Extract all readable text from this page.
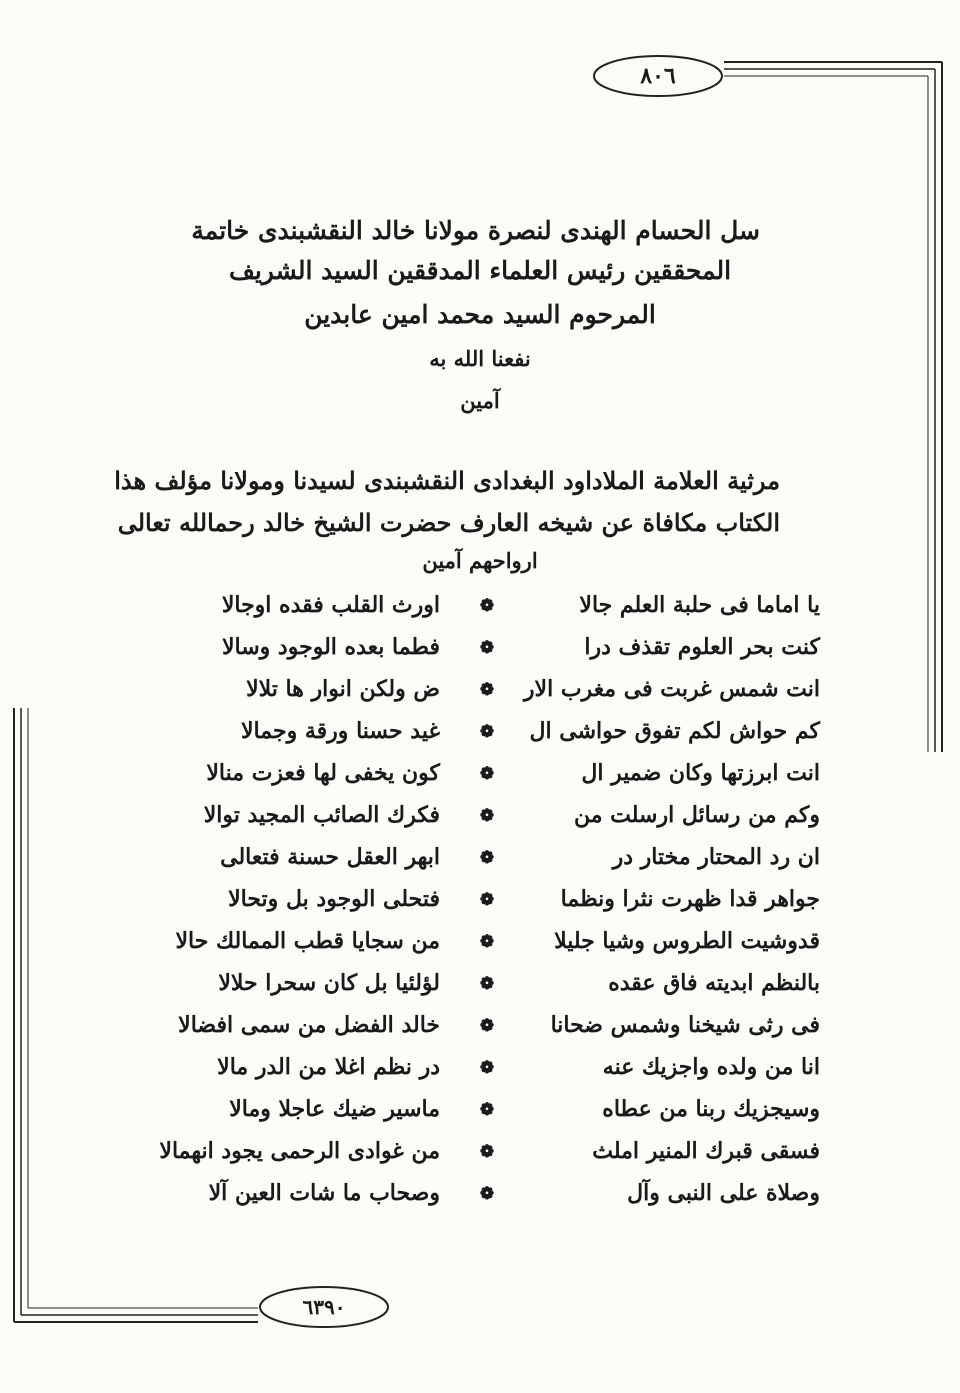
٨٠٦
٦٣٩٠
سل الحسام الهندى لنصرة مولانا خالد النقشبندى خاتمة
المحققين رئيس العلماء المدققين السيد الشريف
المرحوم السيد محمد امين عابدين
نفعنا الله به
آمين
مرثية العلامة الملاداود البغدادى النقشبندى لسيدنا ومولانا مؤلف هذا
الكتاب مكافاة عن شيخه العارف حضرت الشيخ خالد رحمالله تعالى
ارواحهم آمين
يا اماما فى حلبة العلم جالا
❁
اورث القلب فقده اوجالا
كنت بحر العلوم تقذف درا
❁
فطما بعده الوجود وسالا
انت شمس غربت فى مغرب الار
❁
ض ولكن انوار ها تلالا
كم حواش لكم تفوق حواشى ال
❁
غيد حسنا ورقة وجمالا
انت ابرزتها وكان ضمير ال
❁
كون يخفى لها فعزت منالا
وكم من رسائل ارسلت من
❁
فكرك الصائب المجيد توالا
ان رد المحتار مختار در
❁
ابهر العقل حسنة فتعالى
جواهر قدا ظهرت نثرا ونظما
❁
فتحلى الوجود بل وتحالا
قدوشيت الطروس وشيا جليلا
❁
من سجايا قطب الممالك حالا
بالنظم ابديته فاق عقده
❁
لؤلئيا بل كان سحرا حلالا
فى رثى شيخنا وشمس ضحانا
❁
خالد الفضل من سمى افضالا
انا من ولده واجزيك عنه
❁
در نظم اغلا من الدر مالا
وسيجزيك ربنا من عطاه
❁
ماسير ضيك عاجلا ومالا
فسقى قبرك المنير املث
❁
من غوادى الرحمى يجود انهمالا
وصلاة على النبى وآل
❁
وصحاب ما شات العين آلا
